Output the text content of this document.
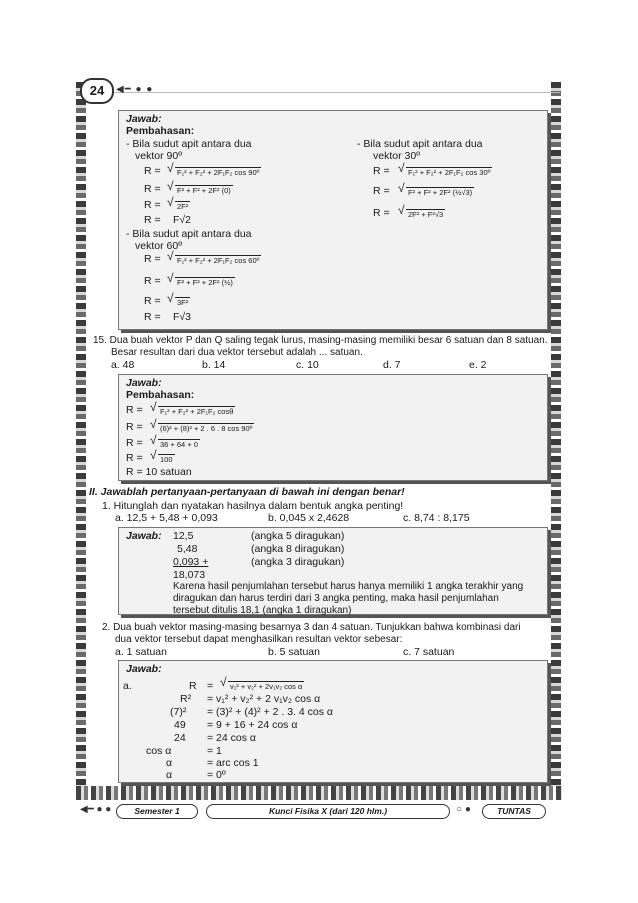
24	◀━ ● ●
Jawab:
Pembahasan:
- Bila sudut apit antara dua
vektor 90º
R = √ F₁² + F₂² + 2F₁F₂ cos 90º
R = √ F² + F² + 2F² (0)
R = √ 2F²
R = F√2
- Bila sudut apit antara dua
vektor 60º
R = √ F₁² + F₂² + 2F₁F₂ cos 60º
R = √ F² + F² + 2F² (½)
R = √ 3F²
R = F√3
- Bila sudut apit antara dua
vektor 30º
R = √ F₁² + F₂² + 2F₁F₂ cos 30º
R = √ F² + F² + 2F² (½√3)
R = √ 2F² + F²√3
15. Dua buah vektor P dan Q saling tegak lurus, masing-masing memiliki besar 6 satuan dan 8 satuan.
Besar resultan dari dua vektor tersebut adalah ... satuan.
a. 48	b. 14	c. 10	d. 7	e. 2
Jawab:
Pembahasan:
R = √ F₁² + F₂² + 2F₁F₂ cosθ
R = √ (6)² + (8)² + 2 . 6 . 8 cos 90º
R = √ 36 + 64 + 0
R = √ 100
R = 10 satuan
II. Jawablah pertanyaan-pertanyaan di bawah ini dengan benar!
1. Hitunglah dan nyatakan hasilnya dalam bentuk angka penting!
a. 12,5 + 5,48 + 0,093	b. 0,045 x 2,4628	c. 8,74 : 8,175
Jawab: 12,5	(angka 5 diragukan)
5,48	(angka 8 diragukan)
0,093 +	(angka 3 diragukan)
18,073
Karena hasil penjumlahan tersebut harus hanya memiliki 1 angka terakhir yang
diragukan dan harus terdiri dari 3 angka penting, maka hasil penjumlahan
tersebut ditulis 18,1 (angka 1 diragukan)
2. Dua buah vektor masing-masing besarnya 3 dan 4 satuan. Tunjukkan bahwa kombinasi dari
dua vektor tersebut dapat menghasilkan resultan vektor sebesar:
a. 1 satuan	b. 5 satuan	c. 7 satuan
Jawab:
a.	R = √ v₁² + v₂² + 2v₁v₂ cos α
R² = v₁² + v₂² + 2 v₁v₂ cos α
(7)² = (3)² + (4)² + 2 . 3. 4 cos α
49 = 9 + 16 + 24 cos α
24 = 24 cos α
cos α	= 1
α	= arc cos 1
α	= 0º
◀━ ● ●	Semester 1	Kunci Fisika X (dari 120 hlm.)	○ ●	TUNTAS
